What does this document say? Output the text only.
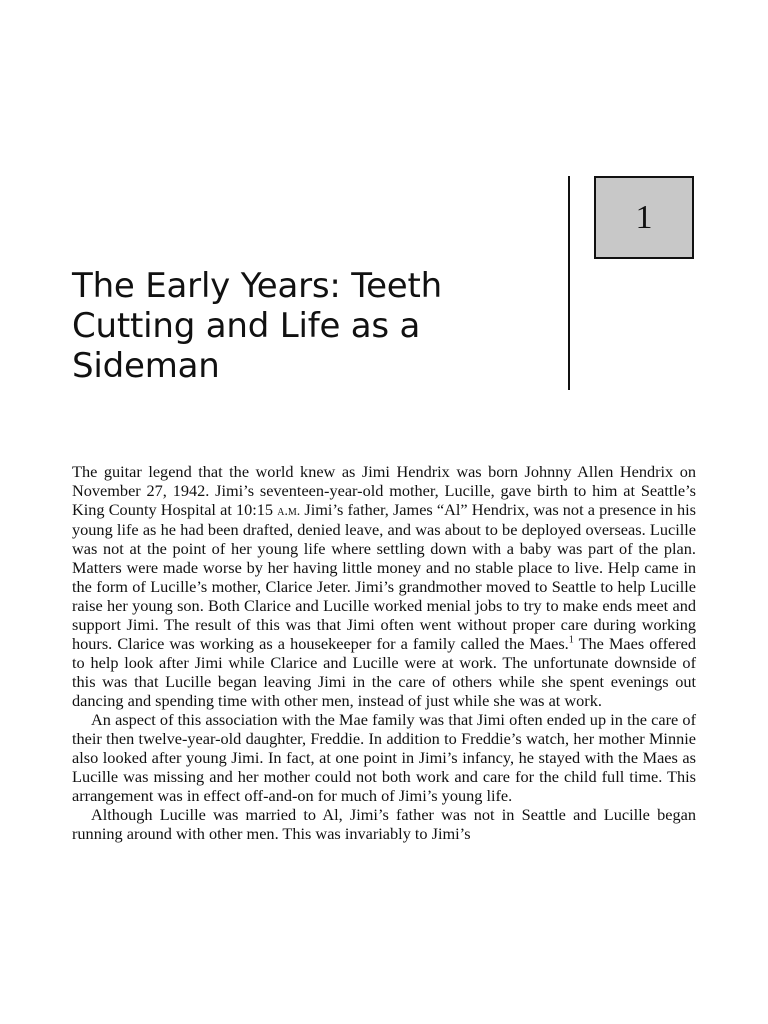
1
The Early Years: Teeth Cutting and Life as a Sideman

The guitar legend that the world knew as Jimi Hendrix was born Johnny Allen Hendrix on November 27, 1942. Jimi’s seventeen-year-old mother, Lucille, gave birth to him at Seattle’s King County Hospital at 10:15 a.m. Jimi’s father, James “Al” Hendrix, was not a presence in his young life as he had been drafted, denied leave, and was about to be deployed overseas. Lucille was not at the point of her young life where settling down with a baby was part of the plan. Matters were made worse by her having little money and no stable place to live. Help came in the form of Lucille’s mother, Clarice Jeter. Jimi’s grandmother moved to Seattle to help Lucille raise her young son. Both Clarice and Lucille worked menial jobs to try to make ends meet and support Jimi. The result of this was that Jimi often went without proper care during working hours. Clarice was working as a housekeeper for a family called the Maes.$^1$ The Maes offered to help look after Jimi while Clarice and Lucille were at work. The unfortunate downside of this was that Lucille began leaving Jimi in the care of others while she spent evenings out dancing and spending time with other men, instead of just while she was at work.

An aspect of this association with the Mae family was that Jimi often ended up in the care of their then twelve-year-old daughter, Freddie. In addition to Freddie’s watch, her mother Minnie also looked after young Jimi. In fact, at one point in Jimi’s infancy, he stayed with the Maes as Lucille was missing and her mother could not both work and care for the child full time. This arrangement was in effect off-and-on for much of Jimi’s young life.

Although Lucille was married to Al, Jimi’s father was not in Seattle and Lucille began running around with other men. This was invariably to Jimi’s
